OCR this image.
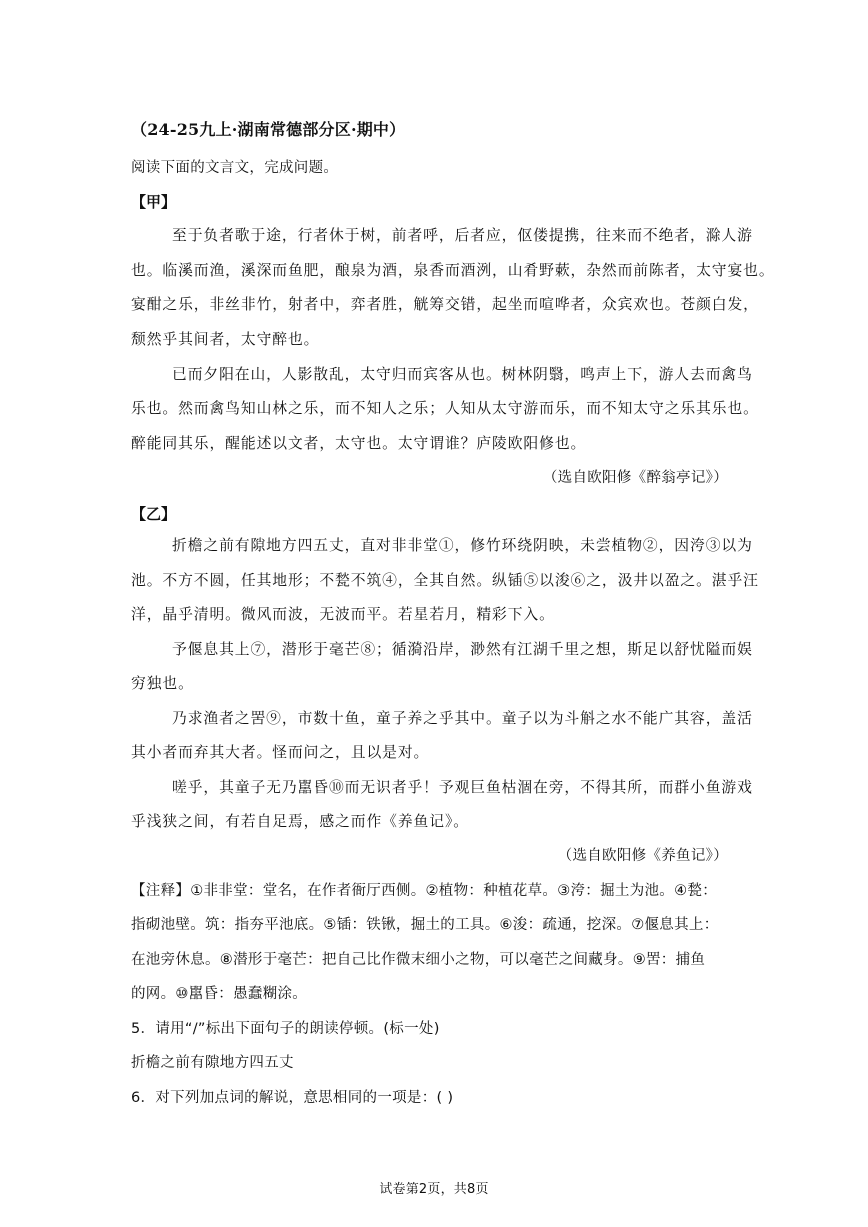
（24-25九上·湖南常德部分区·期中）
阅读下面的文言文，完成问题。
【甲】
至于负者歌于途，行者休于树，前者呼，后者应，伛偻提携，往来而不绝者，滁人游
也。临溪而渔，溪深而鱼肥，酿泉为酒，泉香而酒洌，山肴野蔌，杂然而前陈者，太守宴也。
宴酣之乐，非丝非竹，射者中，弈者胜，觥筹交错，起坐而喧哗者，众宾欢也。苍颜白发，
颓然乎其间者，太守醉也。
已而夕阳在山，人影散乱，太守归而宾客从也。树林阴翳，鸣声上下，游人去而禽鸟
乐也。然而禽鸟知山林之乐，而不知人之乐；人知从太守游而乐，而不知太守之乐其乐也。
醉能同其乐，醒能述以文者，太守也。太守谓谁？庐陵欧阳修也。
（选自欧阳修《醉翁亭记》）
【乙】
折檐之前有隙地方四五丈，直对非非堂①，修竹环绕阴映，未尝植物②，因洿③以为
池。不方不圆，任其地形；不甃不筑④，全其自然。纵锸⑤以浚⑥之，汲井以盈之。湛乎汪
洋，晶乎清明。微风而波，无波而平。若星若月，精彩下入。
予偃息其上⑦，潜形于毫芒⑧；循漪沿岸，渺然有江湖千里之想，斯足以舒忧隘而娱
穷独也。
乃求渔者之罟⑨，市数十鱼，童子养之乎其中。童子以为斗斛之水不能广其容，盖活
其小者而弃其大者。怪而问之，且以是对。
嗟乎，其童子无乃嚚昏⑩而无识者乎！予观巨鱼枯涸在旁，不得其所，而群小鱼游戏
乎浅狭之间，有若自足焉，感之而作《养鱼记》。
（选自欧阳修《养鱼记》）
【注释】①非非堂：堂名，在作者衙厅西侧。②植物：种植花草。③洿：掘土为池。④甃：
指砌池壁。筑：指夯平池底。⑤锸：铁锹，掘土的工具。⑥浚：疏通，挖深。⑦偃息其上：
在池旁休息。⑧潜形于毫芒：把自己比作微末细小之物，可以毫芒之间藏身。⑨罟：捕鱼
的网。⑩嚚昏：愚蠢糊涂。
5．请用“/”标出下面句子的朗读停顿。(标一处)
折檐之前有隙地方四五丈
6．对下列加点词的解说，意思相同的一项是：( )
试卷第2页，共8页
